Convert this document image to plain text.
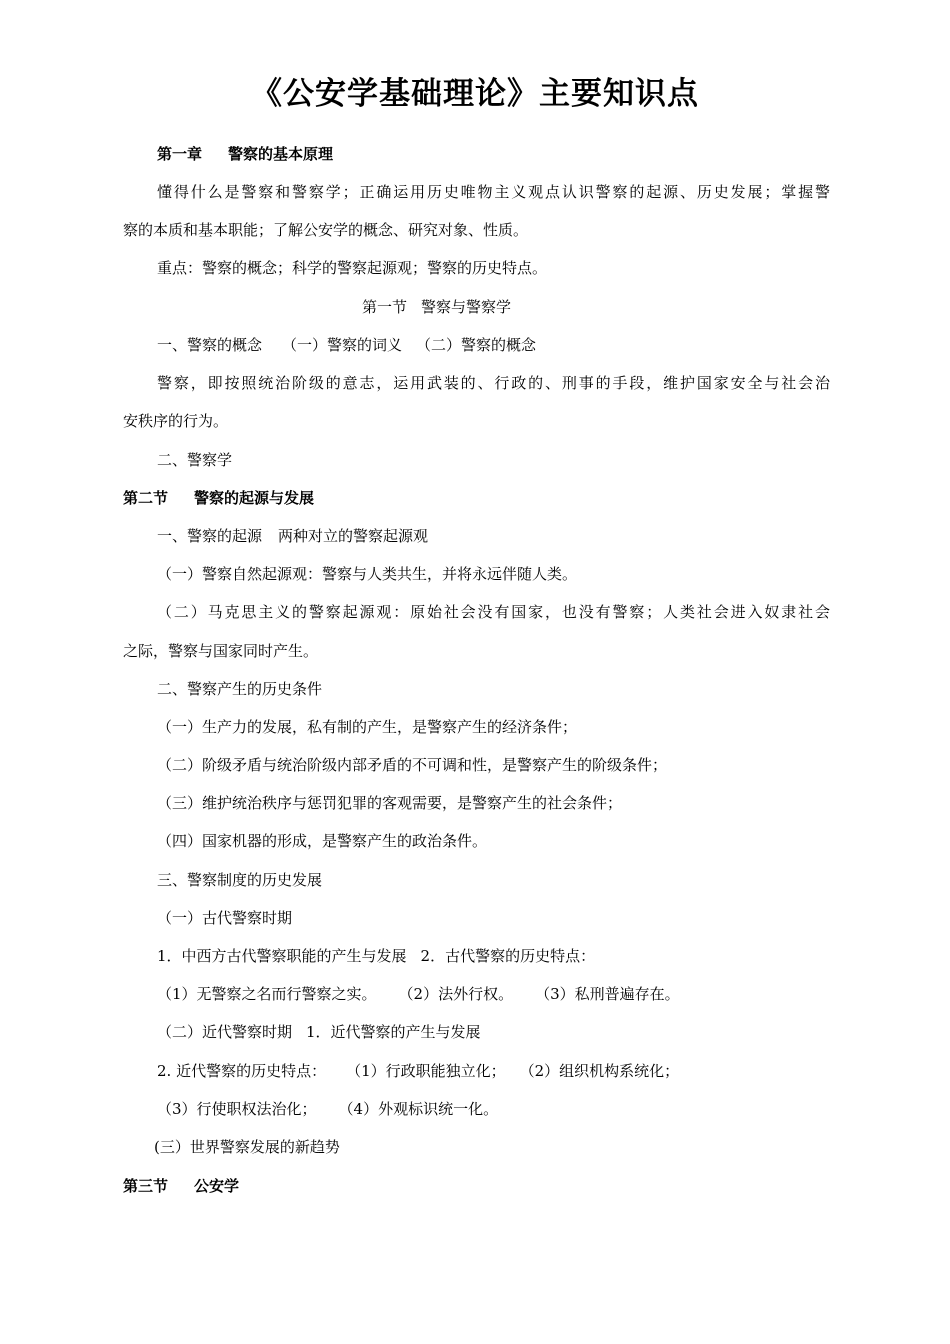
《公安学基础理论》主要知识点
第一章 警察的基本原理
懂得什么是警察和警察学；正确运用历史唯物主义观点认识警察的起源、历史发展；掌握警
察的本质和基本职能；了解公安学的概念、研究对象、性质。
重点：警察的概念；科学的警察起源观；警察的历史特点。
第一节 警察与警察学
一、警察的概念 （一）警察的词义 （二）警察的概念
警察，即按照统治阶级的意志，运用武装的、行政的、刑事的手段，维护国家安全与社会治
安秩序的行为。
二、警察学
第二节 警察的起源与发展
一、警察的起源 两种对立的警察起源观
（一）警察自然起源观：警察与人类共生，并将永远伴随人类。
（二）马克思主义的警察起源观：原始社会没有国家，也没有警察；人类社会进入奴隶社会
之际，警察与国家同时产生。
二、警察产生的历史条件
（一）生产力的发展，私有制的产生，是警察产生的经济条件；
（二）阶级矛盾与统治阶级内部矛盾的不可调和性，是警察产生的阶级条件；
（三）维护统治秩序与惩罚犯罪的客观需要，是警察产生的社会条件；
（四）国家机器的形成，是警察产生的政治条件。
三、警察制度的历史发展
（一）古代警察时期
1．中西方古代警察职能的产生与发展 2．古代警察的历史特点：
（1）无警察之名而行警察之实。 （2）法外行权。 （3）私刑普遍存在。
（二）近代警察时期 1．近代警察的产生与发展
2. 近代警察的历史特点： （1）行政职能独立化； （2）组织机构系统化；
（3）行使职权法治化； （4）外观标识统一化。
(三）世界警察发展的新趋势
第三节 公安学
